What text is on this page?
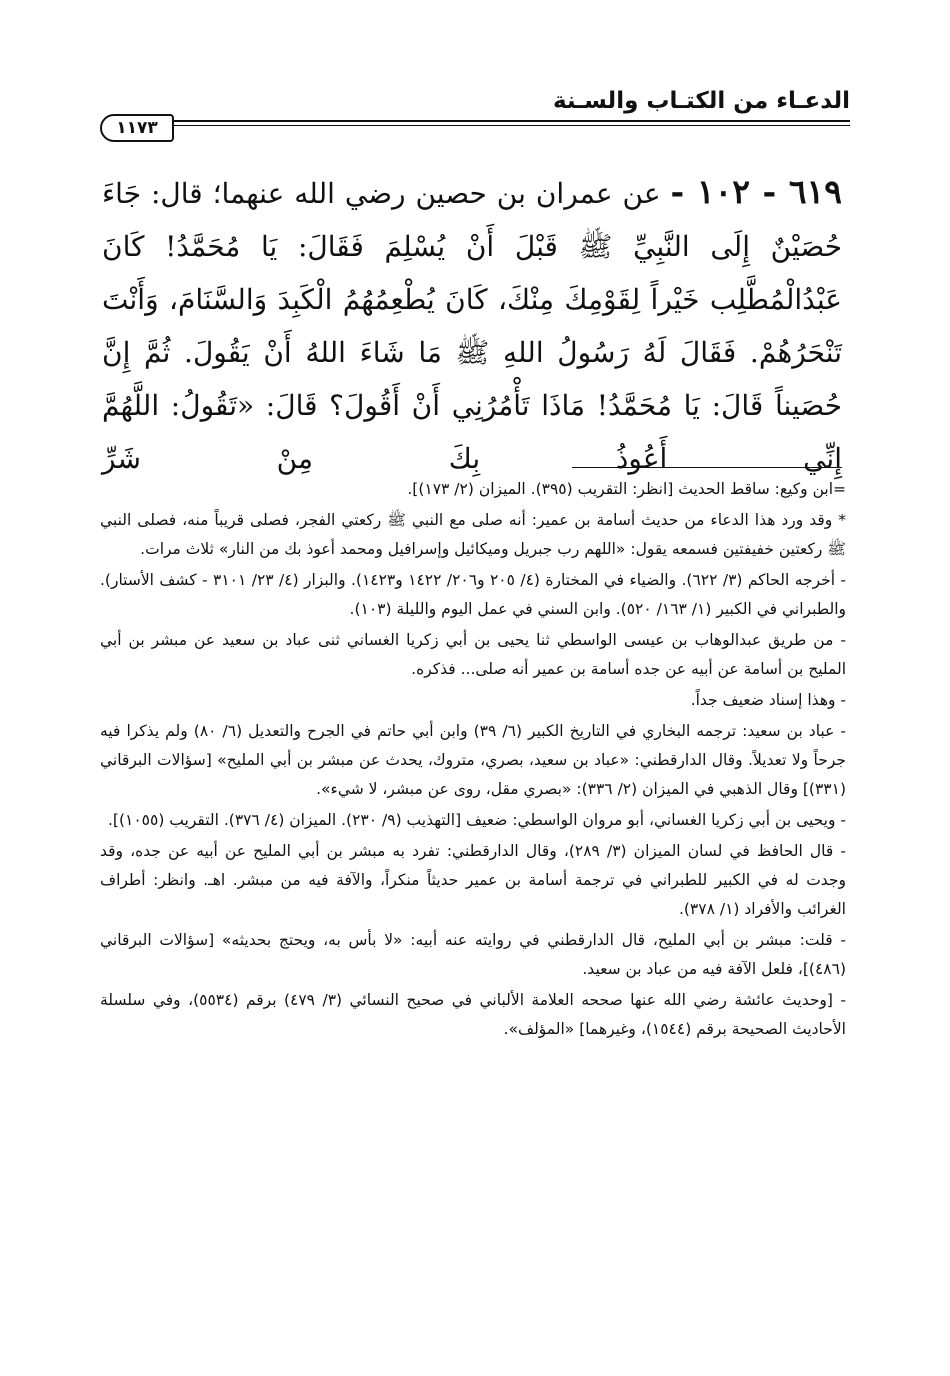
الدعـاء من الكتـاب والسـنة
١١٧٣

٦١٩ - ١٠٢ - عن عمران بن حصين رضي الله عنهما؛ قال: جَاءَ حُصَيْنٌ إِلَى النَّبِيِّ ﷺ قَبْلَ أَنْ يُسْلِمَ فَقَالَ: يَا مُحَمَّدُ! كَانَ عَبْدُالْمُطَّلِب خَيْراً لِقَوْمِكَ مِنْكَ، كَانَ يُطْعِمُهُمُ الْكَبِدَ وَالسَّنَامَ، وَأَنْتَ تَنْحَرُهُمْ. فَقَالَ لَهُ رَسُولُ اللهِ ﷺ مَا شَاءَ اللهُ أَنْ يَقُولَ. ثُمَّ إِنَّ حُصَيناً قَالَ: يَا مُحَمَّدُ! مَاذَا تَأْمُرُنِي أَنْ أَقُولَ؟ قَالَ: «تَقُولُ: اللَّهُمَّ إِنِّي أَعُوذُ بِكَ مِنْ شَرِّ

=ابن وكيع: ساقط الحديث [انظر: التقريب (٣٩٥). الميزان (٢/ ١٧٣)].

* وقد ورد هذا الدعاء من حديث أسامة بن عمير: أنه صلى مع النبي ﷺ ركعتي الفجر، فصلى قريباً منه، فصلى النبي ﷺ ركعتين خفيفتين فسمعه يقول: «اللهم رب جبريل وميكائيل وإسرافيل ومحمد أعوذ بك من النار» ثلاث مرات.

- أخرجه الحاكم (٣/ ٦٢٢). والضياء في المختارة (٤/ ٢٠٥ و٢٠٦/ ١٤٢٢ و١٤٢٣). والبزار (٤/ ٢٣/ ٣١٠١ - كشف الأستار). والطبراني في الكبير (١/ ١٦٣/ ٥٢٠). وابن السني في عمل اليوم والليلة (١٠٣).

- من طريق عبدالوهاب بن عيسى الواسطي ثنا يحيى بن أبي زكريا الغساني ثنى عباد بن سعيد عن مبشر بن أبي المليح بن أسامة عن أبيه عن جده أسامة بن عمير أنه صلى... فذكره.

- وهذا إسناد ضعيف جداً.

- عباد بن سعيد: ترجمه البخاري في التاريخ الكبير (٦/ ٣٩) وابن أبي حاتم في الجرح والتعديل (٦/ ٨٠) ولم يذكرا فيه جرحاً ولا تعديلاً. وقال الدارقطني: «عباد بن سعيد، بصري، متروك، يحدث عن مبشر بن أبي المليح» [سؤالات البرقاني (٣٣١)] وقال الذهبي في الميزان (٢/ ٣٣٦): «بصري مقل، روى عن مبشر، لا شيء».

- ويحيى بن أبي زكريا الغساني، أبو مروان الواسطي: ضعيف [التهذيب (٩/ ٢٣٠). الميزان (٤/ ٣٧٦). التقريب (١٠٥٥)].

- قال الحافظ في لسان الميزان (٣/ ٢٨٩)، وقال الدارقطني: تفرد به مبشر بن أبي المليح عن أبيه عن جده، وقد وجدت له في الكبير للطبراني في ترجمة أسامة بن عمير حديثاً منكراً، والآفة فيه من مبشر. اهـ. وانظر: أطراف الغرائب والأفراد (١/ ٣٧٨).

- قلت: مبشر بن أبي المليح، قال الدارقطني في روايته عنه أبيه: «لا بأس به، ويحتج بحديثه» [سؤالات البرقاني (٤٨٦)]، فلعل الآفة فيه من عباد بن سعيد.

- [وحديث عائشة رضي الله عنها صححه العلامة الألباني في صحيح النسائي (٣/ ٤٧٩) برقم (٥٥٣٤)، وفي سلسلة الأحاديث الصحيحة برقم (١٥٤٤)، وغيرهما] «المؤلف».
